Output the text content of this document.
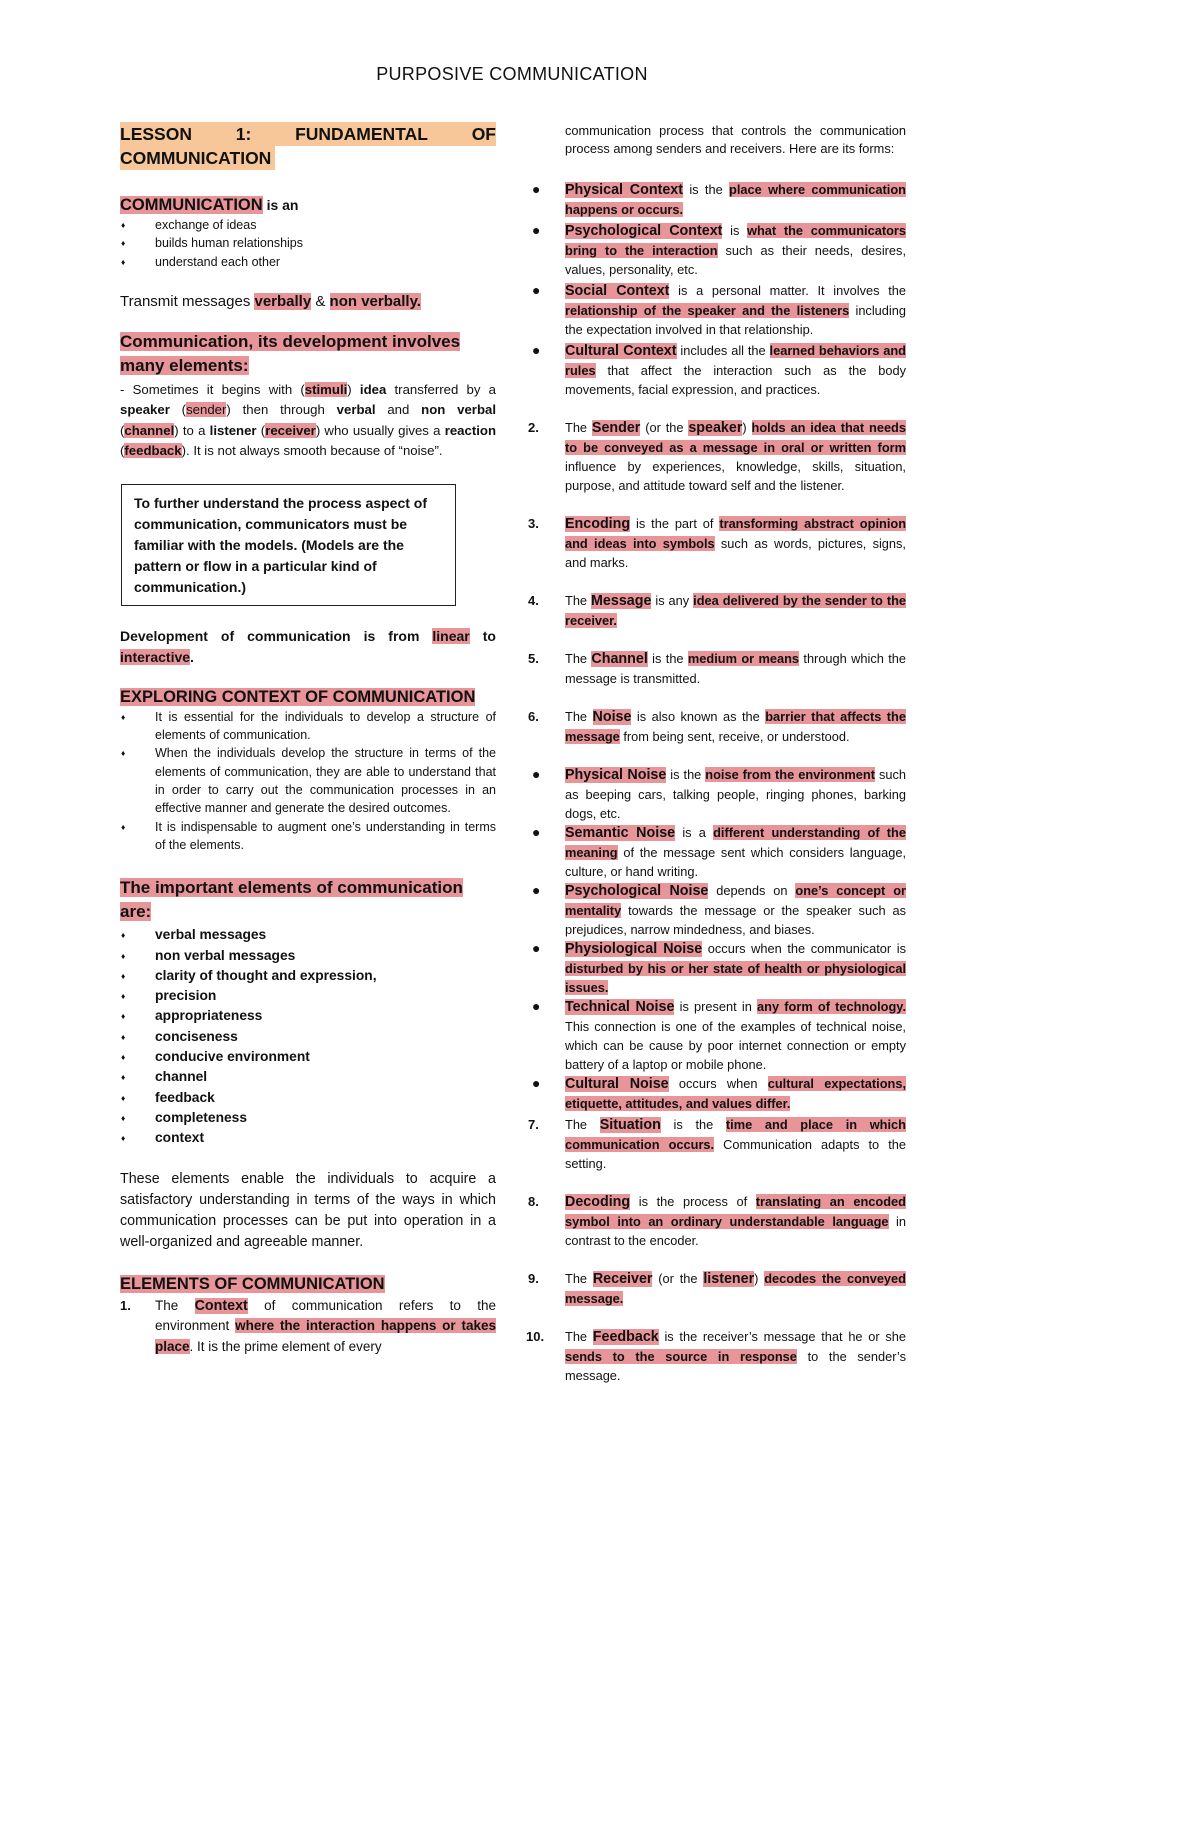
PURPOSIVE COMMUNICATION
LESSON	1:	FUNDAMENTAL	OF
COMMUNICATION
COMMUNICATION is an
♦ exchange of ideas
♦ builds human relationships
♦ understand each other
Transmit messages verbally & non verbally.
Communication, its development involves many elements:
- Sometimes it begins with (stimuli) idea transferred by a speaker (sender) then through verbal and non verbal (channel) to a listener (receiver) who usually gives a reaction (feedback). It is not always smooth because of “noise”.
To further understand the process aspect of communication, communicators must be familiar with the models. (Models are the pattern or flow in a particular kind of communication.)
Development of communication is from linear to interactive.
EXPLORING CONTEXT OF COMMUNICATION
♦ It is essential for the individuals to develop a structure of elements of communication.
♦ When the individuals develop the structure in terms of the elements of communication, they are able to understand that in order to carry out the communication processes in an effective manner and generate the desired outcomes.
♦ It is indispensable to augment one’s understanding in terms of the elements.
The important elements of communication are:
♦ verbal messages
♦ non verbal messages
♦ clarity of thought and expression,
♦ precision
♦ appropriateness
♦ conciseness
♦ conducive environment
♦ channel
♦ feedback
♦ completeness
♦ context
These elements enable the individuals to acquire a satisfactory understanding in terms of the ways in which communication processes can be put into operation in a well-organized and agreeable manner.
ELEMENTS OF COMMUNICATION
1. The Context of communication refers to the environment where the interaction happens or takes place. It is the prime element of every
communication process that controls the communication process among senders and receivers. Here are its forms:
● Physical Context is the place where communication happens or occurs.
● Psychological Context is what the communicators bring to the interaction such as their needs, desires, values, personality, etc.
● Social Context is a personal matter. It involves the relationship of the speaker and the listeners including the expectation involved in that relationship.
● Cultural Context includes all the learned behaviors and rules that affect the interaction such as the body movements, facial expression, and practices.
2. The Sender (or the speaker) holds an idea that needs to be conveyed as a message in oral or written form influence by experiences, knowledge, skills, situation, purpose, and attitude toward self and the listener.
3. Encoding is the part of transforming abstract opinion and ideas into symbols such as words, pictures, signs, and marks.
4. The Message is any idea delivered by the sender to the receiver.
5. The Channel is the medium or means through which the message is transmitted.
6. The Noise is also known as the barrier that affects the message from being sent, receive, or understood.
● Physical Noise is the noise from the environment such as beeping cars, talking people, ringing phones, barking dogs, etc.
● Semantic Noise is a different understanding of the meaning of the message sent which considers language, culture, or hand writing.
● Psychological Noise depends on one’s concept or mentality towards the message or the speaker such as prejudices, narrow mindedness, and biases.
● Physiological Noise occurs when the communicator is disturbed by his or her state of health or physiological issues.
● Technical Noise is present in any form of technology. This connection is one of the examples of technical noise, which can be cause by poor internet connection or empty battery of a laptop or mobile phone.
● Cultural Noise occurs when cultural expectations, etiquette, attitudes, and values differ.
7. The Situation is the time and place in which communication occurs. Communication adapts to the setting.
8. Decoding is the process of translating an encoded symbol into an ordinary understandable language in contrast to the encoder.
9. The Receiver (or the listener) decodes the conveyed message.
10. The Feedback is the receiver’s message that he or she sends to the source in response to the sender’s message.
